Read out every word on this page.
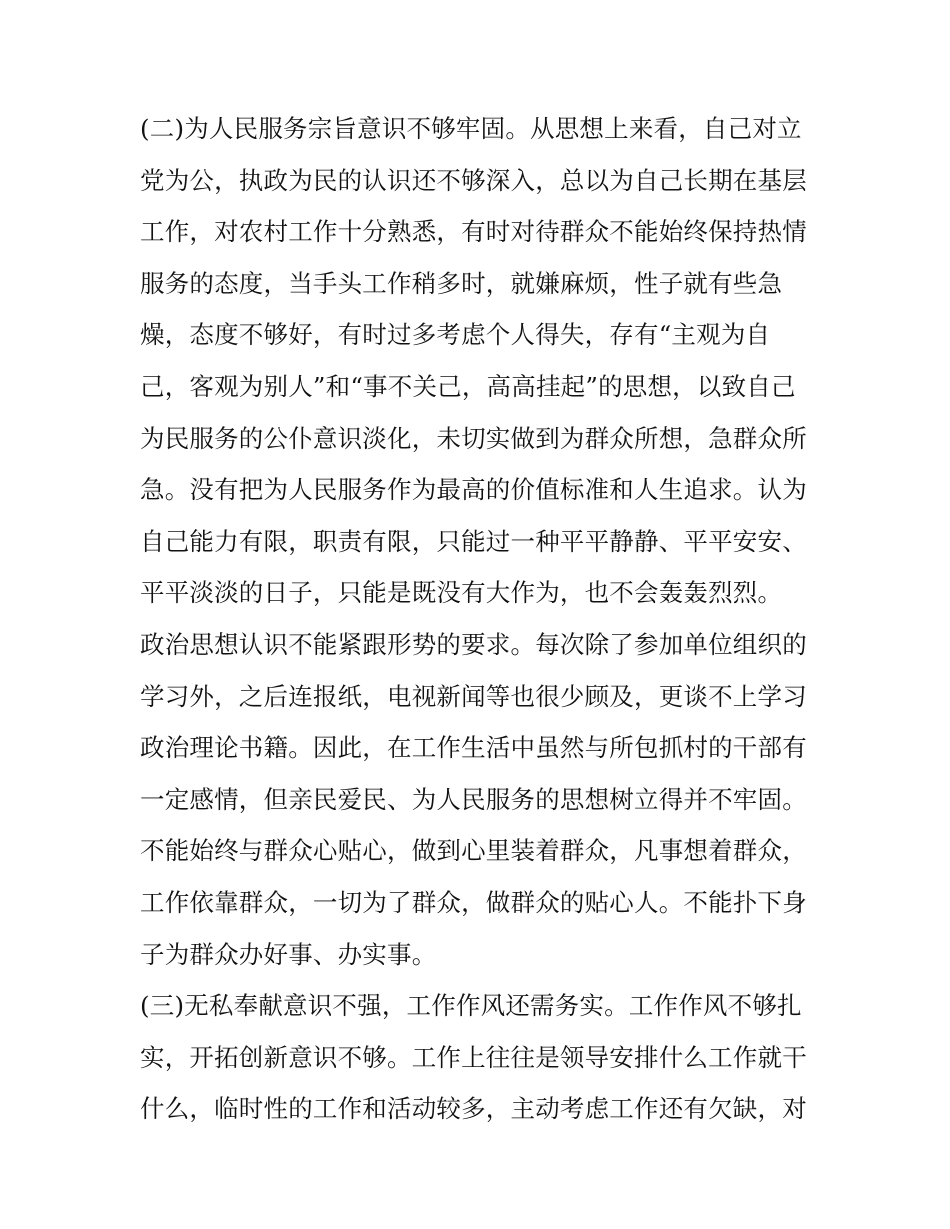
(二)为人民服务宗旨意识不够牢固。从思想上来看，自己对立
党为公，执政为民的认识还不够深入，总以为自己长期在基层
工作，对农村工作十分熟悉，有时对待群众不能始终保持热情
服务的态度，当手头工作稍多时，就嫌麻烦，性子就有些急
燥，态度不够好，有时过多考虑个人得失，存有“主观为自
己，客观为别人”和“事不关己，高高挂起”的思想，以致自己
为民服务的公仆意识淡化，未切实做到为群众所想，急群众所
急。没有把为人民服务作为最高的价值标准和人生追求。认为
自己能力有限，职责有限，只能过一种平平静静、平平安安、
平平淡淡的日子，只能是既没有大作为，也不会轰轰烈烈。
政治思想认识不能紧跟形势的要求。每次除了参加单位组织的
学习外，之后连报纸，电视新闻等也很少顾及，更谈不上学习
政治理论书籍。因此，在工作生活中虽然与所包抓村的干部有
一定感情，但亲民爱民、为人民服务的思想树立得并不牢固。
不能始终与群众心贴心，做到心里装着群众，凡事想着群众，
工作依靠群众，一切为了群众，做群众的贴心人。不能扑下身
子为群众办好事、办实事。
(三)无私奉献意识不强，工作作风还需务实。工作作风不够扎
实，开拓创新意识不够。工作上往往是领导安排什么工作就干
什么，临时性的工作和活动较多，主动考虑工作还有欠缺，对
